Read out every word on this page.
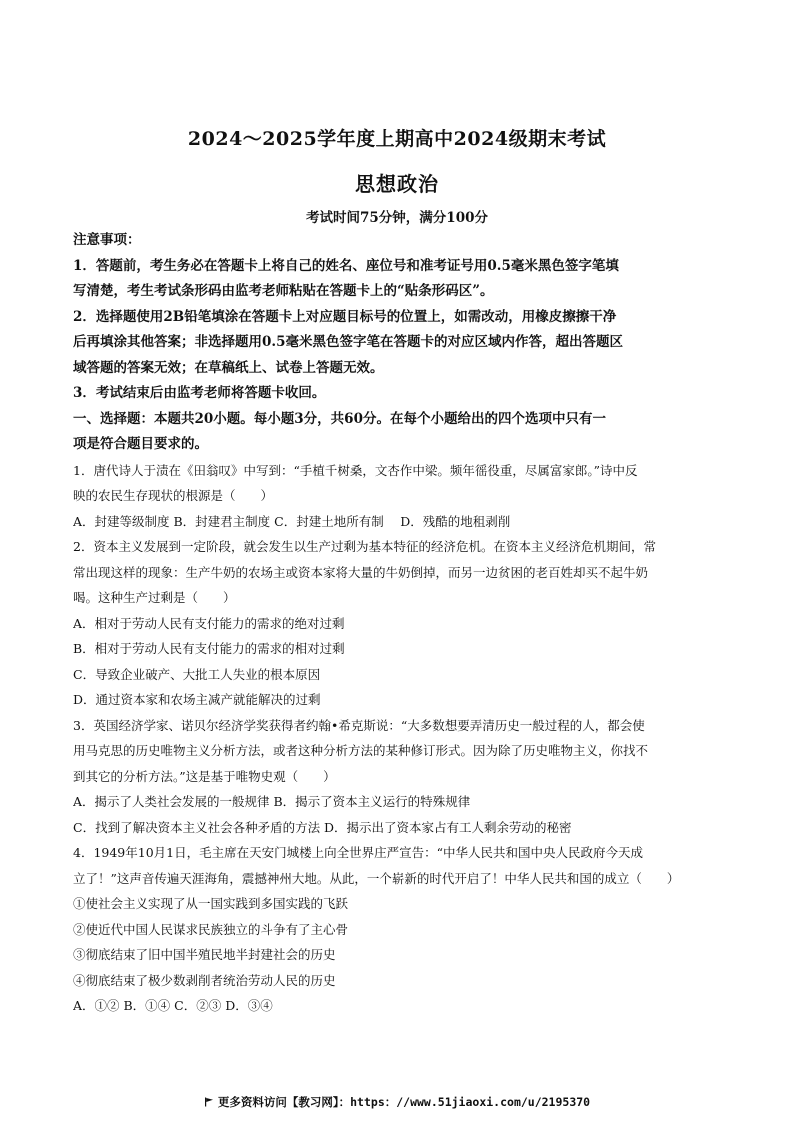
2024～2025学年度上期高中2024级期末考试
思想政治
考试时间75分钟，满分100分

注意事项：

1．答题前，考生务必在答题卡上将自己的姓名、座位号和准考证号用0.5毫米黑色签字笔填

写清楚，考生考试条形码由监考老师粘贴在答题卡上的“贴条形码区”。

2．选择题使用2B铅笔填涂在答题卡上对应题目标号的位置上，如需改动，用橡皮擦擦干净

后再填涂其他答案；非选择题用0.5毫米黑色签字笔在答题卡的对应区域内作答，超出答题区

域答题的答案无效；在草稿纸上、试卷上答题无效。

3．考试结束后由监考老师将答题卡收回。

一、选择题：本题共20小题。每小题3分，共60分。在每个小题给出的四个选项中只有一

项是符合题目要求的。

1．唐代诗人于渍在《田翁叹》中写到：“手植千树桑，文杏作中梁。频年徭役重，尽属富家郎。”诗中反

映的农民生存现状的根源是（　　）

A．封建等级制度 B．封建君主制度 C．封建土地所有制　 D．残酷的地租剥削

2．资本主义发展到一定阶段，就会发生以生产过剩为基本特征的经济危机。在资本主义经济危机期间，常

常出现这样的现象：生产牛奶的农场主或资本家将大量的牛奶倒掉，而另一边贫困的老百姓却买不起牛奶

喝。这种生产过剩是（　　）

A．相对于劳动人民有支付能力的需求的绝对过剩

B．相对于劳动人民有支付能力的需求的相对过剩

C．导致企业破产、大批工人失业的根本原因

D．通过资本家和农场主减产就能解决的过剩

3．英国经济学家、诺贝尔经济学奖获得者约翰•希克斯说：“大多数想要弄清历史一般过程的人，都会使

用马克思的历史唯物主义分析方法，或者这种分析方法的某种修订形式。因为除了历史唯物主义，你找不

到其它的分析方法。”这是基于唯物史观（　　）

A．揭示了人类社会发展的一般规律 B．揭示了资本主义运行的特殊规律

C．找到了解决资本主义社会各种矛盾的方法 D．揭示出了资本家占有工人剩余劳动的秘密

4．1949年10月1日，毛主席在天安门城楼上向全世界庄严宣告：“中华人民共和国中央人民政府今天成

立了！”这声音传遍天涯海角，震撼神州大地。从此，一个崭新的时代开启了！中华人民共和国的成立（　　）

①使社会主义实现了从一国实践到多国实践的飞跃

②使近代中国人民谋求民族独立的斗争有了主心骨

③彻底结束了旧中国半殖民地半封建社会的历史

④彻底结束了极少数剥削者统治劳动人民的历史

A．①② B．①④ C．②③ D．③④

更多资料访问【教习网】：https：//www.51jiaoxi.com/u/2195370
